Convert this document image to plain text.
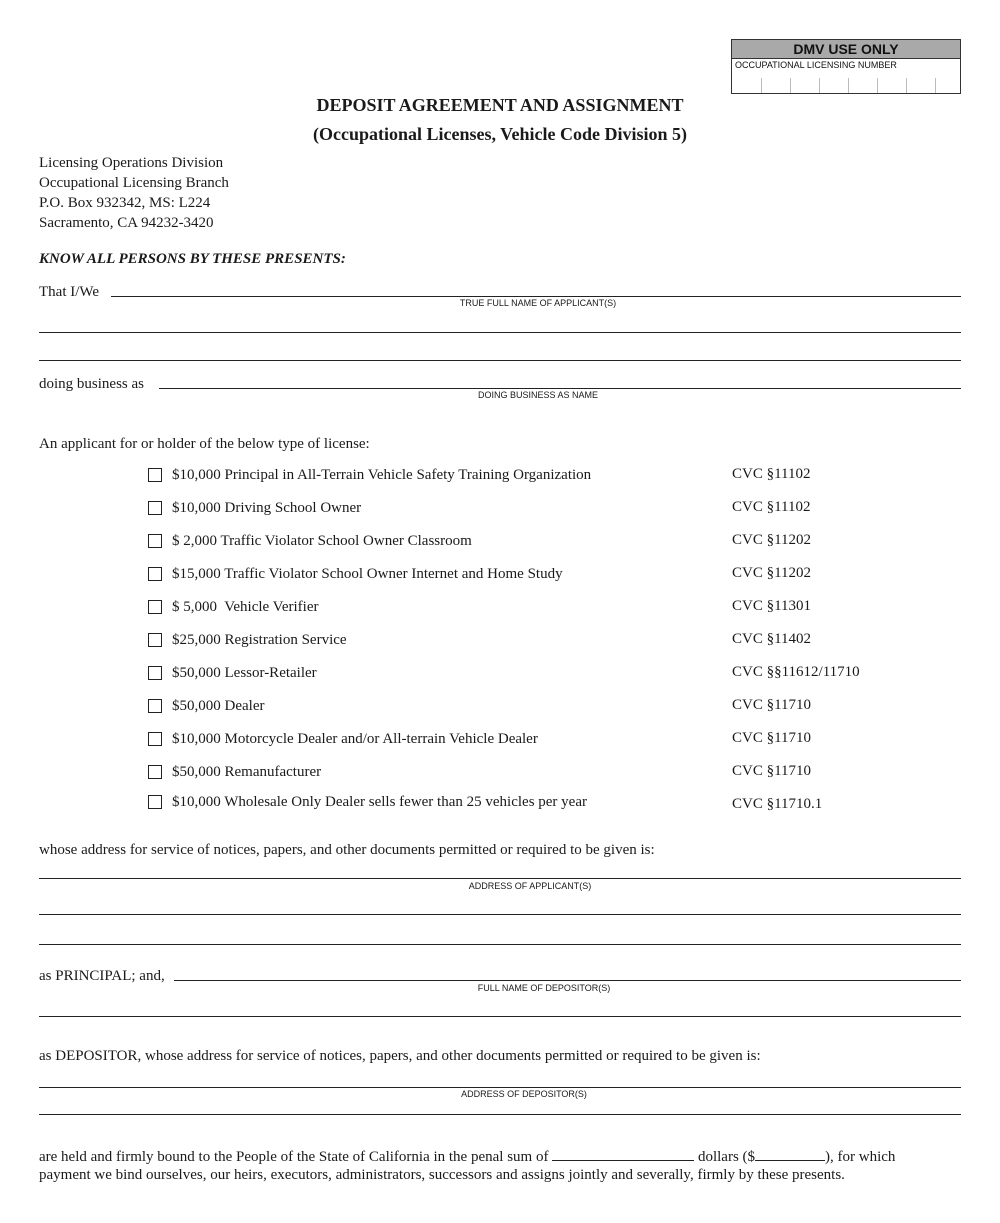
DMV USE ONLY
OCCUPATIONAL LICENSING NUMBER
DEPOSIT AGREEMENT AND ASSIGNMENT
(Occupational Licenses, Vehicle Code Division 5)
Licensing Operations Division
Occupational Licensing Branch
P.O. Box 932342, MS: L224
Sacramento, CA 94232-3420
KNOW ALL PERSONS BY THESE PRESENTS:
That I/We
TRUE FULL NAME OF APPLICANT(S)
doing business as
DOING BUSINESS AS NAME
An applicant for or holder of the below type of license:
$10,000 Principal in All-Terrain Vehicle Safety Training Organization	CVC §11102
$10,000 Driving School Owner	CVC §11102
$ 2,000 Traffic Violator School Owner Classroom	CVC §11202
$15,000 Traffic Violator School Owner Internet and Home Study	CVC §11202
$ 5,000  Vehicle Verifier	CVC §11301
$25,000 Registration Service	CVC §11402
$50,000 Lessor-Retailer	CVC §§11612/11710
$50,000 Dealer	CVC §11710
$10,000 Motorcycle Dealer and/or All-terrain Vehicle Dealer	CVC §11710
$50,000 Remanufacturer	CVC §11710
$10,000 Wholesale Only Dealer sells fewer than 25 vehicles per year	CVC §11710.1
whose address for service of notices, papers, and other documents permitted or required to be given is:
ADDRESS OF APPLICANT(S)
as PRINCIPAL; and,
FULL NAME OF DEPOSITOR(S)
as DEPOSITOR, whose address for service of notices, papers, and other documents permitted or required to be given is:
ADDRESS OF DEPOSITOR(S)
are held and firmly bound to the People of the State of California in the penal sum of	dollars ($	), for which
payment we bind ourselves, our heirs, executors, administrators, successors and assigns jointly and severally, firmly by these presents.
